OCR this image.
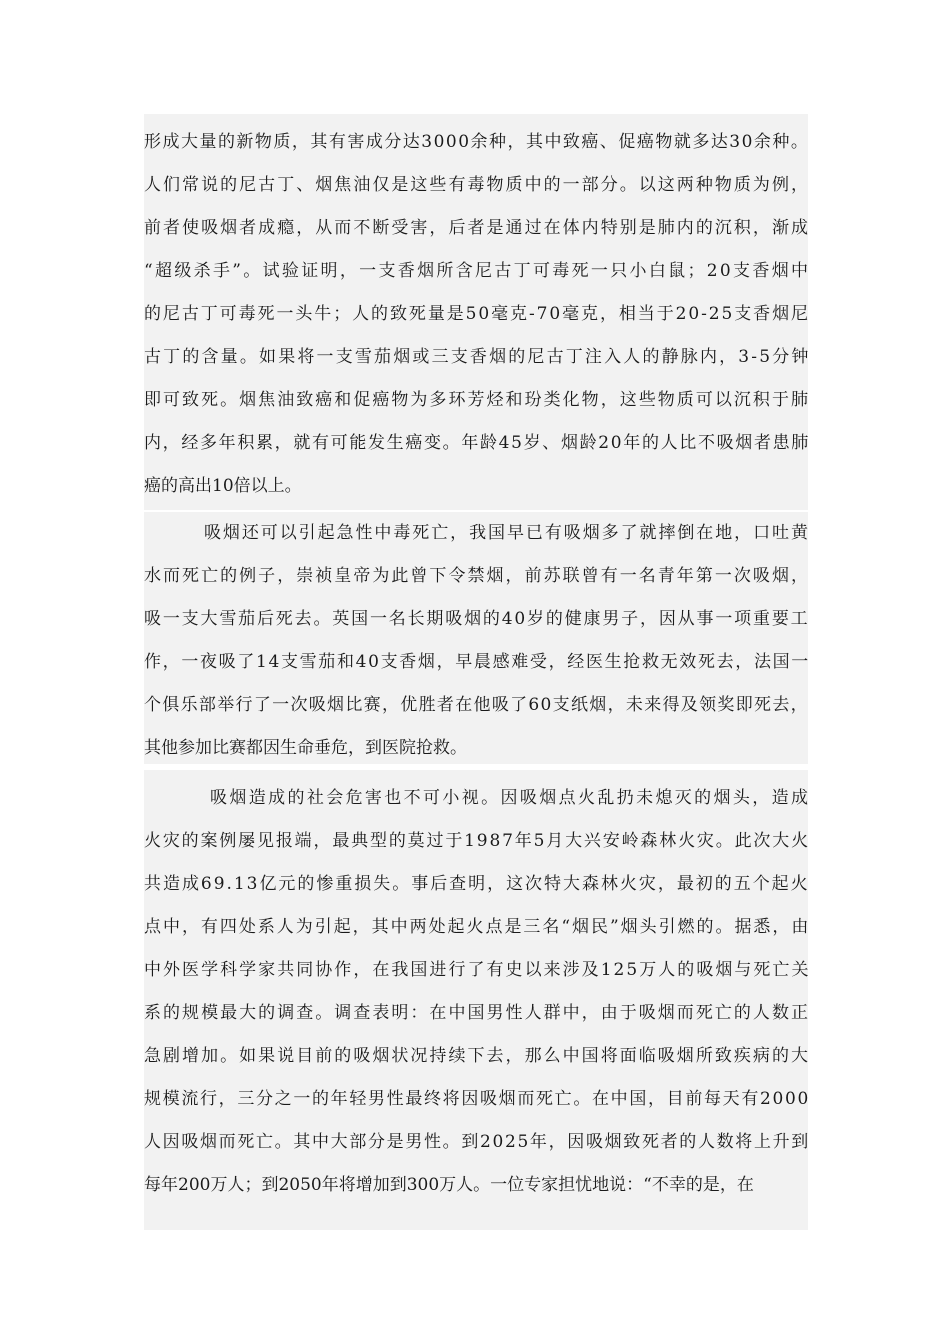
形成大量的新物质，其有害成分达3000余种，其中致癌、促癌物就多达30余种。
人们常说的尼古丁、烟焦油仅是这些有毒物质中的一部分。以这两种物质为例，
前者使吸烟者成瘾，从而不断受害，后者是通过在体内特别是肺内的沉积，渐成
“超级杀手”。试验证明，一支香烟所含尼古丁可毒死一只小白鼠；20支香烟中
的尼古丁可毒死一头牛；人的致死量是50毫克-70毫克，相当于20-25支香烟尼
古丁的含量。如果将一支雪茄烟或三支香烟的尼古丁注入人的静脉内，3-5分钟
即可致死。烟焦油致癌和促癌物为多环芳烃和玢类化物，这些物质可以沉积于肺
内，经多年积累，就有可能发生癌变。年龄45岁、烟龄20年的人比不吸烟者患肺
癌的高出10倍以上。
吸烟还可以引起急性中毒死亡，我国早已有吸烟多了就摔倒在地，口吐黄
水而死亡的例子，崇祯皇帝为此曾下令禁烟，前苏联曾有一名青年第一次吸烟，
吸一支大雪茄后死去。英国一名长期吸烟的40岁的健康男子，因从事一项重要工
作，一夜吸了14支雪茄和40支香烟，早晨感难受，经医生抢救无效死去，法国一
个俱乐部举行了一次吸烟比赛，优胜者在他吸了60支纸烟，未来得及领奖即死去，
其他参加比赛都因生命垂危，到医院抢救。
吸烟造成的社会危害也不可小视。因吸烟点火乱扔未熄灭的烟头，造成
火灾的案例屡见报端，最典型的莫过于1987年5月大兴安岭森林火灾。此次大火
共造成69.13亿元的惨重损失。事后查明，这次特大森林火灾，最初的五个起火
点中，有四处系人为引起，其中两处起火点是三名“烟民”烟头引燃的。据悉，由
中外医学科学家共同协作，在我国进行了有史以来涉及125万人的吸烟与死亡关
系的规模最大的调查。调查表明：在中国男性人群中，由于吸烟而死亡的人数正
急剧增加。如果说目前的吸烟状况持续下去，那么中国将面临吸烟所致疾病的大
规模流行，三分之一的年轻男性最终将因吸烟而死亡。在中国，目前每天有2000
人因吸烟而死亡。其中大部分是男性。到2025年，因吸烟致死者的人数将上升到
每年200万人；到2050年将增加到300万人。一位专家担忧地说：“不幸的是，在
